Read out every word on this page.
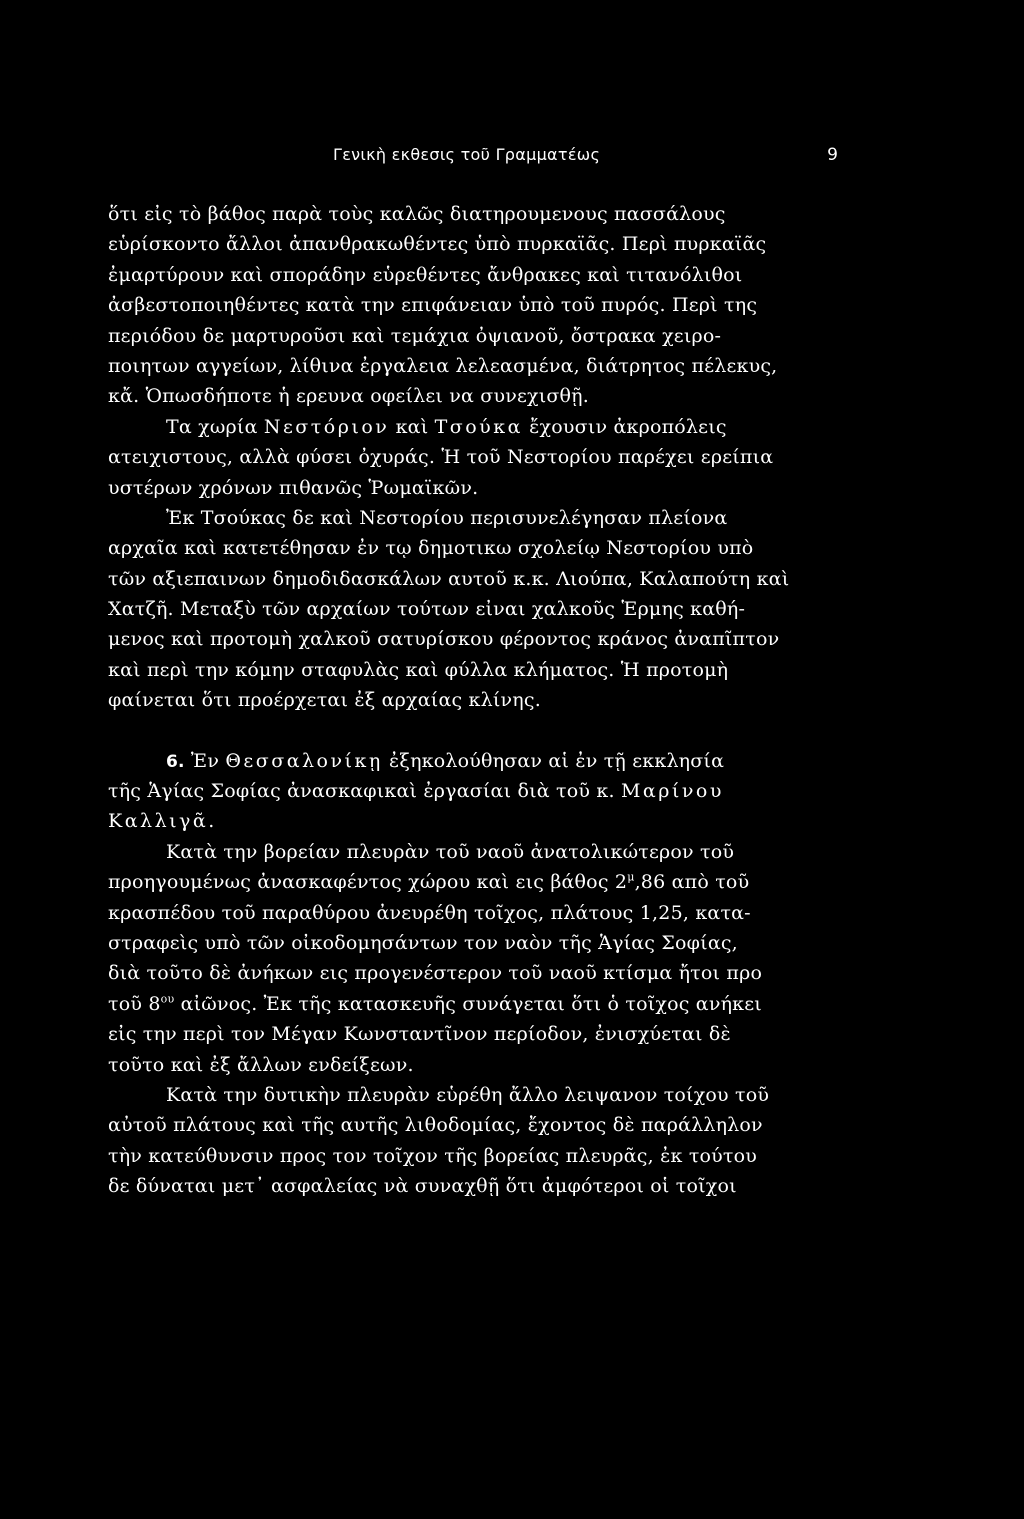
Γενικὴ εκθεσις τοῦ Γραμματέως	9
ὅτι εἰς τὸ βάθος παρὰ τοὺς καλῶς διατηρουμενους πασσάλους
εὑρίσκοντο ἄλλοι ἀπανθρακωθέντες ὑπὸ πυρκαϊᾶς. Περὶ πυρκαϊᾶς
ἐμαρτύρουν καὶ σποράδην εὑρεθέντες ἄνθρακες καὶ τιτανόλιθοι
ἀσβεστοποιηθέντες κατὰ την επιφάνειαν ὑπὸ τοῦ πυρός. Περὶ της
περιόδου δε μαρτυροῦσι καὶ τεμάχια ὀψιανοῦ, ὄστρακα χειρο-
ποιητων αγγείων, λίθινα ἐργαλεια λελεασμένα, διάτρητος πέλεκυς,
κἄ. Ὁπωσδήποτε ἡ ερευνα οφείλει να συνεχισθῇ.
Τα χωρία Νεστόριον καὶ Τσούκα ἔχουσιν ἀκροπόλεις
ατειχιστους, αλλὰ φύσει ὀχυράς. Ἡ τοῦ Νεστορίου παρέχει ερείπια
υστέρων χρόνων πιθανῶς Ῥωμαϊκῶν.
Ἐκ Τσούκας δε καὶ Νεστορίου περισυνελέγησαν πλείονα
αρχαῖα καὶ κατετέθησαν ἐν τῳ δημοτικω σχολείῳ Νεστορίου υπὸ
τῶν αξιεπαινων δημοδιδασκάλων αυτοῦ κ.κ. Λιούπα, Καλαπούτη καὶ
Χατζῆ. Μεταξὺ τῶν αρχαίων τούτων εἰναι χαλκοῦς Ἑρμης καθή-
μενος καὶ προτομὴ χαλκοῦ σατυρίσκου φέροντος κράνος ἀναπῖπτον
καὶ περὶ την κόμην σταφυλὰς καὶ φύλλα κλήματος. Ἡ προτομὴ
φαίνεται ὅτι προέρχεται ἐξ αρχαίας κλίνης.
6. Ἐν Θεσσαλονίκῃ ἐξηκολούθησαν αἱ ἐν τῇ εκκλησία
τῆς Ἁγίας Σοφίας ἀνασκαφικαὶ ἐργασίαι διὰ τοῦ κ. Μαρίνου
Καλλιγᾶ.
Κατὰ την βορείαν πλευρὰν τοῦ ναοῦ ἀνατολικώτερον τοῦ
προηγουμένως ἀνασκαφέντος χώρου καὶ εις βάθος $2^\mu,86$ απὸ τοῦ
κρασπέδου τοῦ παραθύρου ἀνευρέθη τοῖχος, πλάτους 1,25, κατα-
στραφεὶς υπὸ τῶν οἰκοδομησάντων τον ναὸν τῆς Ἁγίας Σοφίας,
διὰ τοῦτο δὲ ἀνήκων εις προγενέστερον τοῦ ναοῦ κτίσμα ἤτοι προ
τοῦ $8^{o\upsilon}$ αἰῶνος. Ἐκ τῆς κατασκευῆς συνάγεται ὅτι ὁ τοῖχος ανήκει
εἰς την περὶ τον Μέγαν Κωνσταντῖνον περίοδον, ἐνισχύεται δὲ
τοῦτο καὶ ἐξ ἄλλων ενδείξεων.
Κατὰ την δυτικὴν πλευρὰν εὑρέθη ἄλλο λειψανον τοίχου τοῦ
αὐτοῦ πλάτους καὶ τῆς αυτῆς λιθοδομίας, ἔχοντος δὲ παράλληλον
τὴν κατεύθυνσιν προς τον τοῖχον τῆς βορείας πλευρᾶς, ἐκ τούτου
δε δύναται μετ᾽ ασφαλείας νὰ συναχθῇ ὅτι ἀμφότεροι οἱ τοῖχοι
